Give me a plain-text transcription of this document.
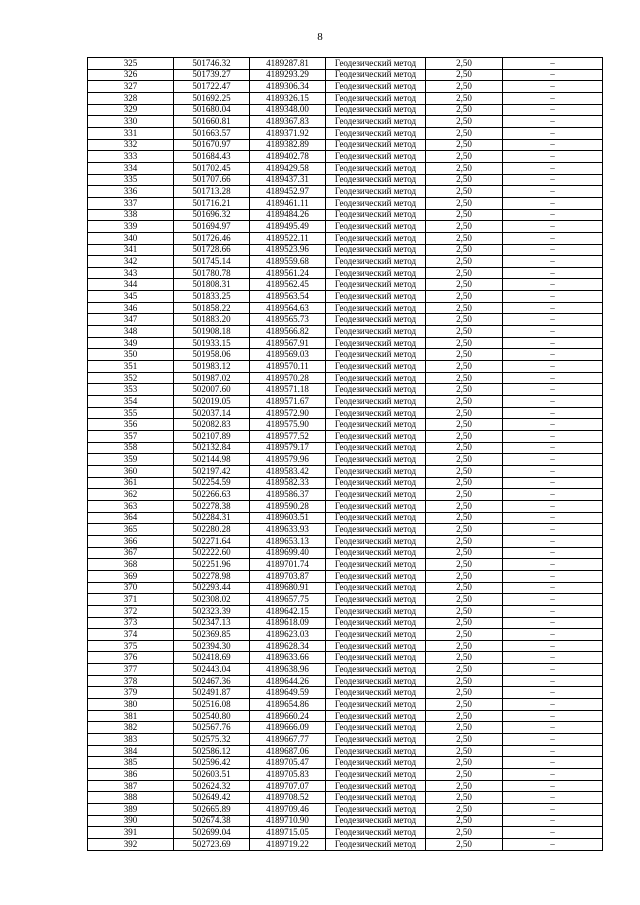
8
325	501746.32	4189287.81	Геодезический метод	2,50	–
326	501739.27	4189293.29	Геодезический метод	2,50	–
327	501722.47	4189306.34	Геодезический метод	2,50	–
328	501692.25	4189326.15	Геодезический метод	2,50	–
329	501680.04	4189348.00	Геодезический метод	2,50	–
330	501660.81	4189367.83	Геодезический метод	2,50	–
331	501663.57	4189371.92	Геодезический метод	2,50	–
332	501670.97	4189382.89	Геодезический метод	2,50	–
333	501684.43	4189402.78	Геодезический метод	2,50	–
334	501702.45	4189429.58	Геодезический метод	2,50	–
335	501707.66	4189437.31	Геодезический метод	2,50	–
336	501713.28	4189452.97	Геодезический метод	2,50	–
337	501716.21	4189461.11	Геодезический метод	2,50	–
338	501696.32	4189484.26	Геодезический метод	2,50	–
339	501694.97	4189495.49	Геодезический метод	2,50	–
340	501726.46	4189522.11	Геодезический метод	2,50	–
341	501728.66	4189523.96	Геодезический метод	2,50	–
342	501745.14	4189559.68	Геодезический метод	2,50	–
343	501780.78	4189561.24	Геодезический метод	2,50	–
344	501808.31	4189562.45	Геодезический метод	2,50	–
345	501833.25	4189563.54	Геодезический метод	2,50	–
346	501858.22	4189564.63	Геодезический метод	2,50	–
347	501883.20	4189565.73	Геодезический метод	2,50	–
348	501908.18	4189566.82	Геодезический метод	2,50	–
349	501933.15	4189567.91	Геодезический метод	2,50	–
350	501958.06	4189569.03	Геодезический метод	2,50	–
351	501983.12	4189570.11	Геодезический метод	2,50	–
352	501987.02	4189570.28	Геодезический метод	2,50	–
353	502007.60	4189571.18	Геодезический метод	2,50	–
354	502019.05	4189571.67	Геодезический метод	2,50	–
355	502037.14	4189572.90	Геодезический метод	2,50	–
356	502082.83	4189575.90	Геодезический метод	2,50	–
357	502107.89	4189577.52	Геодезический метод	2,50	–
358	502132.84	4189579.17	Геодезический метод	2,50	–
359	502144.98	4189579.96	Геодезический метод	2,50	–
360	502197.42	4189583.42	Геодезический метод	2,50	–
361	502254.59	4189582.33	Геодезический метод	2,50	–
362	502266.63	4189586.37	Геодезический метод	2,50	–
363	502278.38	4189590.28	Геодезический метод	2,50	–
364	502284.31	4189603.51	Геодезический метод	2,50	–
365	502280.28	4189633.93	Геодезический метод	2,50	–
366	502271.64	4189653.13	Геодезический метод	2,50	–
367	502222.60	4189699.40	Геодезический метод	2,50	–
368	502251.96	4189701.74	Геодезический метод	2,50	–
369	502278.98	4189703.87	Геодезический метод	2,50	–
370	502293.44	4189680.91	Геодезический метод	2,50	–
371	502308.02	4189657.75	Геодезический метод	2,50	–
372	502323.39	4189642.15	Геодезический метод	2,50	–
373	502347.13	4189618.09	Геодезический метод	2,50	–
374	502369.85	4189623.03	Геодезический метод	2,50	–
375	502394.30	4189628.34	Геодезический метод	2,50	–
376	502418.69	4189633.66	Геодезический метод	2,50	–
377	502443.04	4189638.96	Геодезический метод	2,50	–
378	502467.36	4189644.26	Геодезический метод	2,50	–
379	502491.87	4189649.59	Геодезический метод	2,50	–
380	502516.08	4189654.86	Геодезический метод	2,50	–
381	502540.80	4189660.24	Геодезический метод	2,50	–
382	502567.76	4189666.09	Геодезический метод	2,50	–
383	502575.32	4189667.77	Геодезический метод	2,50	–
384	502586.12	4189687.06	Геодезический метод	2,50	–
385	502596.42	4189705.47	Геодезический метод	2,50	–
386	502603.51	4189705.83	Геодезический метод	2,50	–
387	502624.32	4189707.07	Геодезический метод	2,50	–
388	502649.42	4189708.52	Геодезический метод	2,50	–
389	502665.89	4189709.46	Геодезический метод	2,50	–
390	502674.38	4189710.90	Геодезический метод	2,50	–
391	502699.04	4189715.05	Геодезический метод	2,50	–
392	502723.69	4189719.22	Геодезический метод	2,50	–
